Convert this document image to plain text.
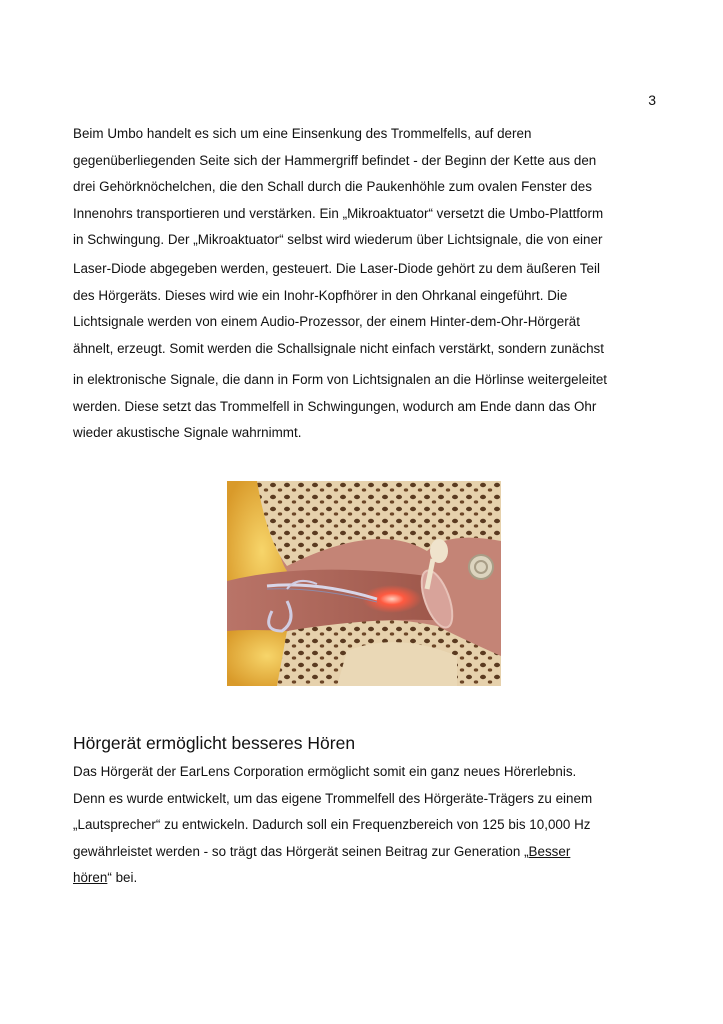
3
Beim Umbo handelt es sich um eine Einsenkung des Trommelfells, auf deren
gegenüberliegenden Seite sich der Hammergriff befindet - der Beginn der Kette aus den
drei Gehörknöchelchen, die den Schall durch die Paukenhöhle zum ovalen Fenster des
Innenohrs transportieren und verstärken. Ein „Mikroaktuator“ versetzt die Umbo-Plattform
in Schwingung. Der „Mikroaktuator“ selbst wird wiederum über Lichtsignale, die von einer
Laser-Diode abgegeben werden, gesteuert. Die Laser-Diode gehört zu dem äußeren Teil
des Hörgeräts. Dieses wird wie ein Inohr-Kopfhörer in den Ohrkanal eingeführt. Die
Lichtsignale werden von einem Audio-Prozessor, der einem Hinter-dem-Ohr-Hörgerät
ähnelt, erzeugt. Somit werden die Schallsignale nicht einfach verstärkt, sondern zunächst
in elektronische Signale, die dann in Form von Lichtsignalen an die Hörlinse weitergeleitet
werden. Diese setzt das Trommelfell in Schwingungen, wodurch am Ende dann das Ohr
wieder akustische Signale wahrnimmt.
Hörgerät ermöglicht besseres Hören
Das Hörgerät der EarLens Corporation ermöglicht somit ein ganz neues Hörerlebnis.
Denn es wurde entwickelt, um das eigene Trommelfell des Hörgeräte-Trägers zu einem
„Lautsprecher“ zu entwickeln. Dadurch soll ein Frequenzbereich von 125 bis 10,000 Hz
gewährleistet werden - so trägt das Hörgerät seinen Beitrag zur Generation „Besser
hören“ bei.
